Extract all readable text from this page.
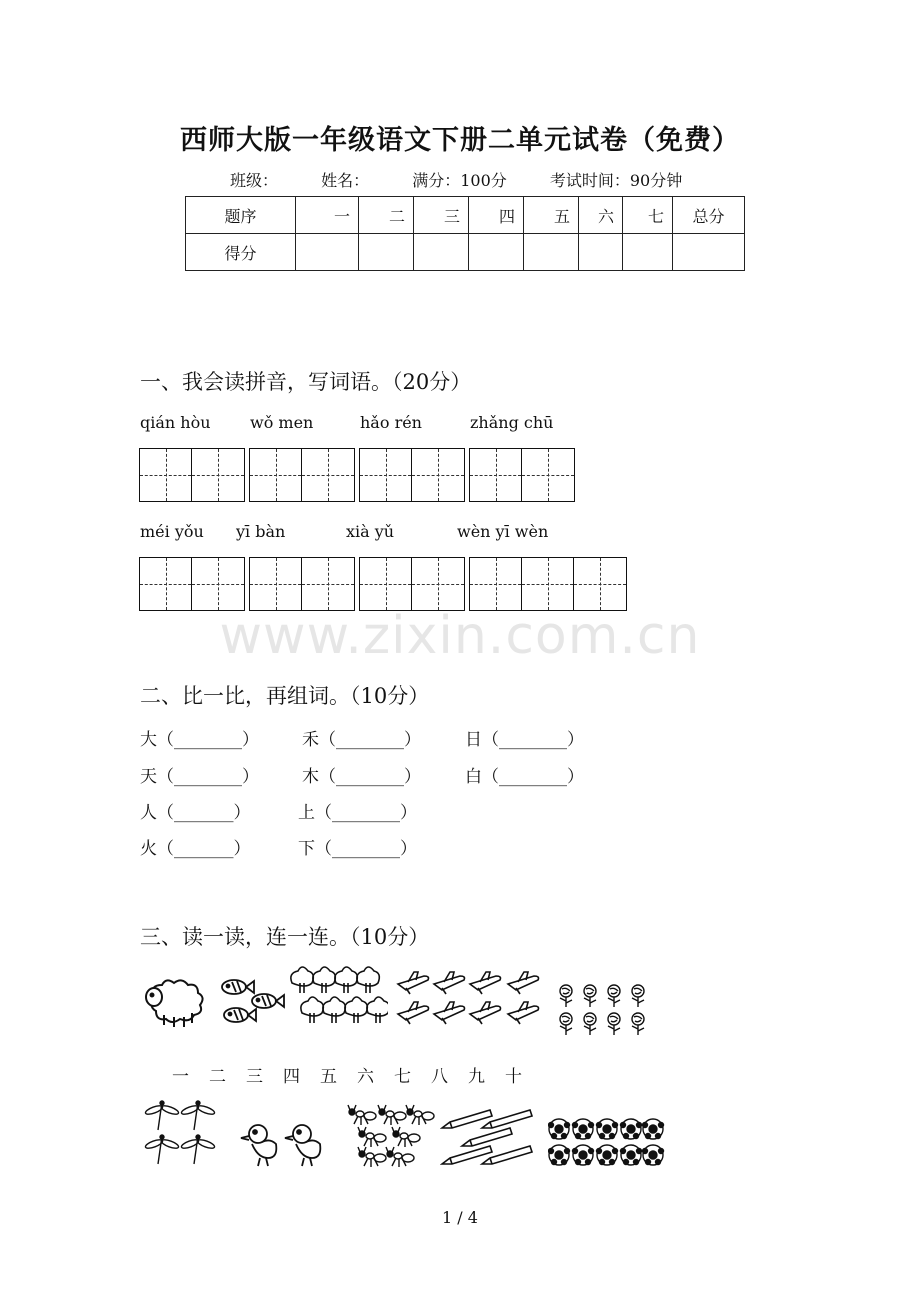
西师大版一年级语文下册二单元试卷（免费）
班级：	姓名：	满分：100分	考试时间：90分钟
题序	一	二	三	四	五	六	七	总分
得分								
一、我会读拼音，写词语。（20分）
qián hòu wǒ men	hǎo rén	zhǎng chū
méi yǒu yī bàn	xià yǔ	wèn yī wèn
www.zixin.com.cn
二、比一比，再组词。（10分）
大（________）	禾（________）	日（________）
天（________）	木（________）	白（________）
人（_______）	上（________）
火（_______）	下（________）
三、读一读，连一连。（10分）
一 二 三 四 五 六 七 八 九 十
1 / 4
